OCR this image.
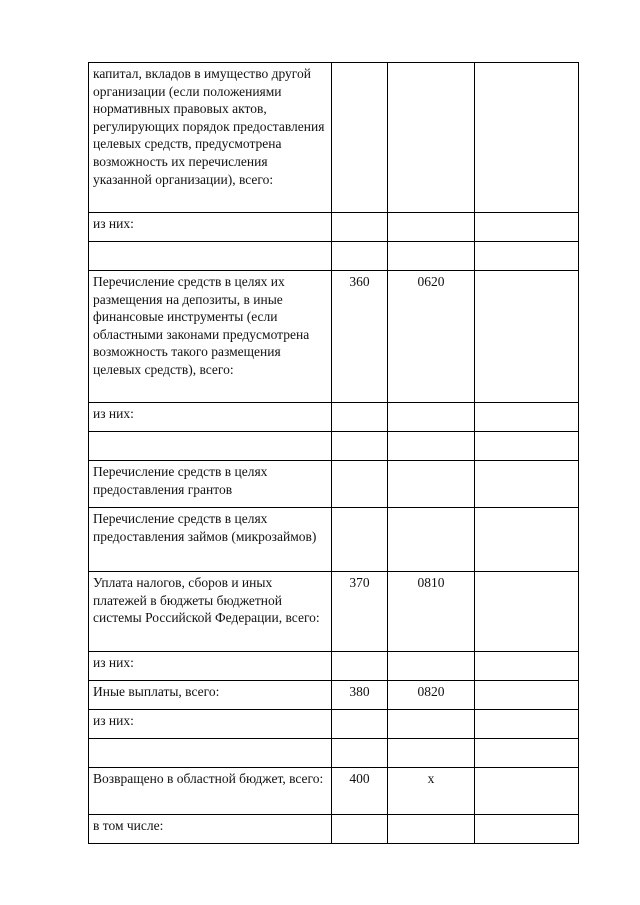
капитал, вкладов в имущество другой организации (если положениями нормативных правовых актов, регулирующих порядок предоставления целевых средств, предусмотрена возможность их перечисления указанной организации), всего:			
из них:			

Перечисление средств в целях их размещения на депозиты, в иные финансовые инструменты (если областными законами предусмотрена возможность такого размещения целевых средств), всего:	360	0620	
из них:			

Перечисление средств в целях предоставления грантов			
Перечисление средств в целях предоставления займов (микрозаймов)			
Уплата налогов, сборов и иных платежей в бюджеты бюджетной системы Российской Федерации, всего:	370	0810	
из них:			
Иные выплаты, всего:	380	0820	
из них:			

Возвращено в областной бюджет, всего:	400	x	
в том числе:			
